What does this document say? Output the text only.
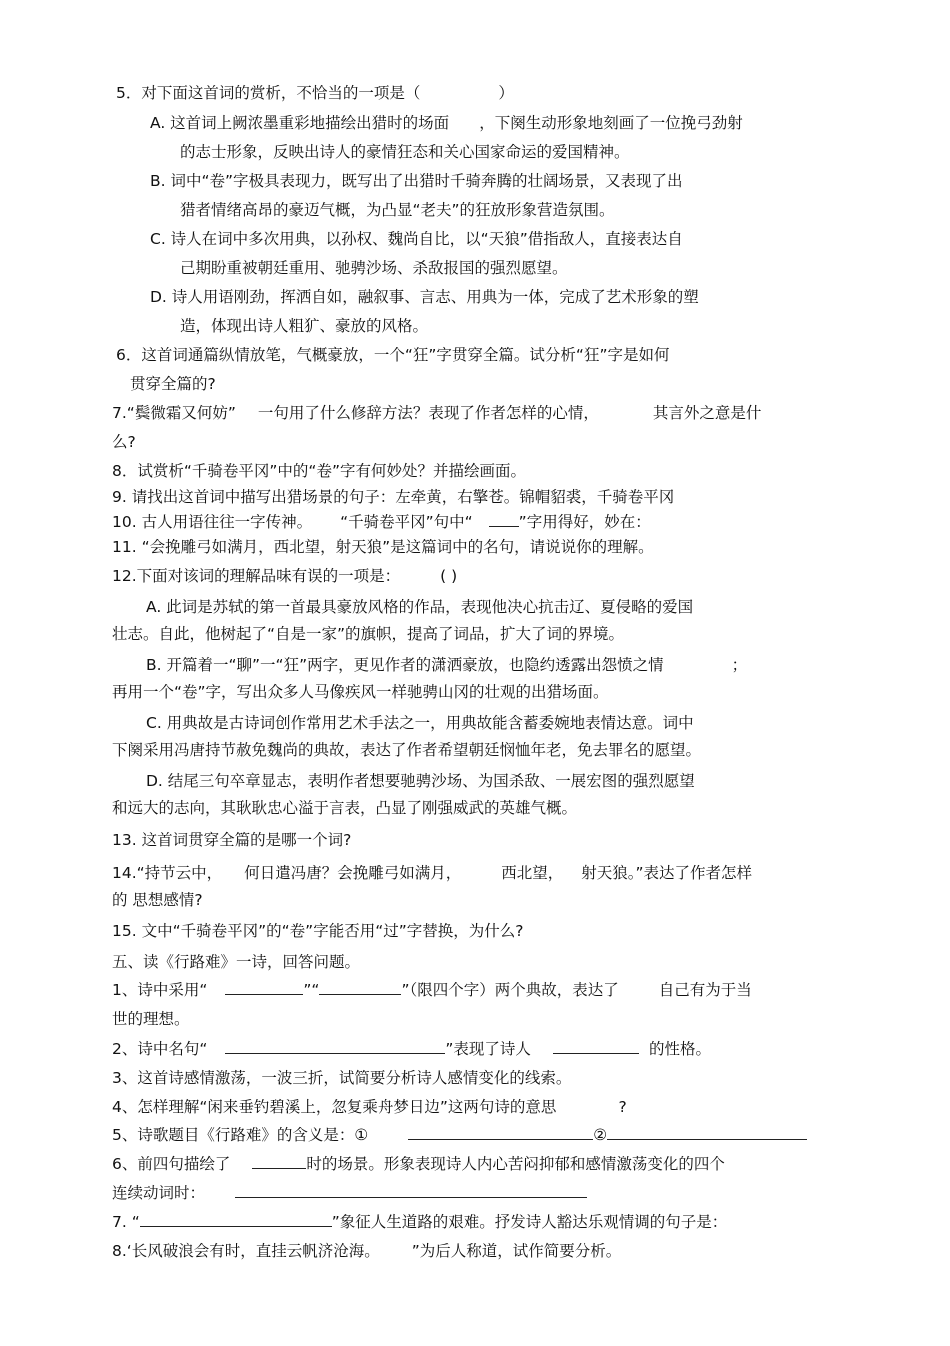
5．对下面这首词的赏析，不恰当的一项是（	）
A. 这首词上阙浓墨重彩地描绘出猎时的场面 ，下阕生动形象地刻画了一位挽弓劲射
的志士形象，反映出诗人的豪情狂态和关心国家命运的爱国精神。
B. 词中“卷”字极具表现力，既写出了出猎时千骑奔腾的壮阔场景，又表现了出
猎者情绪高昂的豪迈气概，为凸显“老夫”的狂放形象营造氛围。
C. 诗人在词中多次用典，以孙权、魏尚自比，以“天狼”借指敌人，直接表达自
己期盼重被朝廷重用、驰骋沙场、杀敌报国的强烈愿望。
D. 诗人用语刚劲，挥洒自如，融叙事、言志、用典为一体，完成了艺术形象的塑
造，体现出诗人粗犷、豪放的风格。
6．这首词通篇纵情放笔，气概豪放，一个“狂”字贯穿全篇。试分析“狂”字是如何
贯穿全篇的?
7.“鬓微霜又何妨” 一句用了什么修辞方法？表现了作者怎样的心情，	其言外之意是什
么?
8．试赏析“千骑卷平冈”中的“卷”字有何妙处？并描绘画面。
9. 请找出这首词中描写出猎场景的句子：左牵黄，右擎苍。锦帽貂裘，千骑卷平冈
10. 古人用语往往一字传神。 “千骑卷平冈”句中“	”字用得好，妙在：
11. “会挽雕弓如满月，西北望，射天狼”是这篇词中的名句，请说说你的理解。
12.下面对该词的理解品味有误的一项是：	( )
A. 此词是苏轼的第一首最具豪放风格的作品，表现他决心抗击辽、夏侵略的爱国
壮志。自此，他树起了“自是一家”的旗帜，提高了词品，扩大了词的界境。
B. 开篇着一“聊”一“狂”两字，更见作者的潇洒豪放，也隐约透露出怨愤之情	；
再用一个“卷”字，写出众多人马像疾风一样驰骋山冈的壮观的出猎场面。
C. 用典故是古诗词创作常用艺术手法之一，用典故能含蓄委婉地表情达意。词中
下阕采用冯唐持节赦免魏尚的典故，表达了作者希望朝廷悯恤年老，免去罪名的愿望。
D. 结尾三句卒章显志，表明作者想要驰骋沙场、为国杀敌、一展宏图的强烈愿望
和远大的志向，其耿耿忠心溢于言表，凸显了刚强威武的英雄气概。
13. 这首词贯穿全篇的是哪一个词?
14.“持节云中， 何日遣冯唐？会挽雕弓如满月，	西北望， 射天狼。”表达了作者怎样
的 思想感情?
15. 文中“千骑卷平冈”的“卷”字能否用“过”字替换，为什么?
五、读《行路难》一诗，回答问题。
1、诗中采用“	”“	”（限四个字）两个典故，表达了	自己有为于当
世的理想。
2、诗中名句“	”表现了诗人	的性格。
3、这首诗感情激荡，一波三折，试简要分析诗人感情变化的线索。
4、怎样理解“闲来垂钓碧溪上，忽复乘舟梦日边”这两句诗的意思	?
5、诗歌题目《行路难》的含义是：①	②
6、前四句描绘了	时的场景。形象表现诗人内心苦闷抑郁和感情激荡变化的四个
连续动词时：
7. “	”象征人生道路的艰难。抒发诗人豁达乐观情调的句子是：
8.‘长风破浪会有时，直挂云帆济沧海。 ”为后人称道，试作简要分析。
